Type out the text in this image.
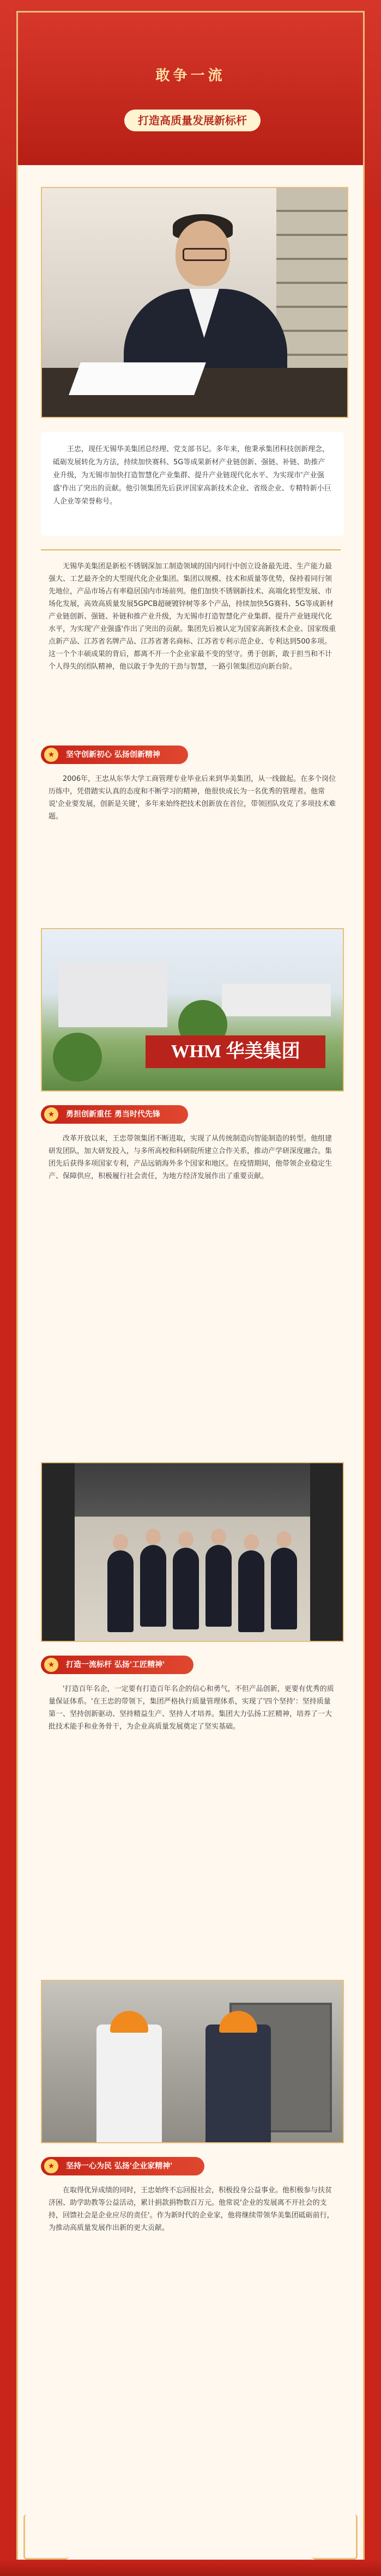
敢争一流
打造高质量发展新标杆
王忠，现任无锡华美集团总经理、党支部书记。多年来，他秉承集团科技创新理念，砥砺发展转化为方法，持续加快赛科、5G等成果新材产业链创新、强链、补链、助推产业升级，为无锡市加快打造智慧化产业集群、提升产业链现代化水平、为实现市'产业强盛'作出了突出的贡献。他引领集团先后获评国家高新技术企业、省级企业、专精特新小巨人企业等荣誉称号。
无锡华美集团是新松不锈钢深加工制造领域的国内同行中创立设备最先进、生产能力最强大、工艺最齐全的大型现代化企业集团。集团以规模、技术和质量等优势，保持着同行领先地位，产品市场占有率稳居国内市场前列。他们加快不锈钢新技术、高端化转型发展、市场化发展，高效高质量发展5GPCB超硬镀锌树等多个产品，持续加快5G赛科、5G等成新材产业链创新、强链、补链和推产业升级，为无锡市打造智慧化产业集群、提升产业链现代化水平，为实现'产业强盛'作出了突出的贡献。集团先后被认定为国家高新技术企业、国家级重点新产品、江苏省名牌产品、江苏省著名商标、江苏省专利示范企业、专利达到500多项。这一个个丰硕成果的背后，都离不开一个企业家最不变的坚守。勇于创新，敢于担当和不计个人得失的团队精神，他以敢于争先的干劲与智慧，一路引领集团迈向新台阶。
★	坚守创新初心 弘扬创新精神
2006年，王忠从东华大学工商管理专业毕业后来到华美集团，从一线做起。在多个岗位历练中，凭借踏实认真的态度和不断学习的精神，他很快成长为一名优秀的管理者。他常说'企业要发展，创新是关键'，多年来始终把技术创新放在首位，带领团队攻克了多项技术难题。
WHM 华美集团
★	勇担创新重任 勇当时代先锋
改革开放以来，王忠带领集团不断进取，实现了从传统制造向智能制造的转型。他组建研发团队，加大研发投入，与多所高校和科研院所建立合作关系，推动产学研深度融合。集团先后获得多项国家专利，产品远销海外多个国家和地区。在疫情期间，他带领企业稳定生产、保障供应，积极履行社会责任，为地方经济发展作出了重要贡献。
★	打造一流标杆 弘扬'工匠精神'
'打造百年名企，一定要有打造百年名企的信心和勇气，不但产品创新，更要有优秀的质量保证体系。'在王忠的带领下，集团严格执行质量管理体系，实现了'四个坚持'：坚持质量第一、坚持创新驱动、坚持精益生产、坚持人才培养。集团大力弘扬工匠精神，培养了一大批技术能手和业务骨干，为企业高质量发展奠定了坚实基础。
★	坚持一心为民 弘扬'企业家精神'
在取得优异成绩的同时，王忠始终不忘回报社会，积极投身公益事业。他积极参与扶贫济困、助学助教等公益活动，累计捐款捐物数百万元。他常说'企业的发展离不开社会的支持，回馈社会是企业应尽的责任'。作为新时代的企业家，他将继续带领华美集团砥砺前行，为推动高质量发展作出新的更大贡献。
